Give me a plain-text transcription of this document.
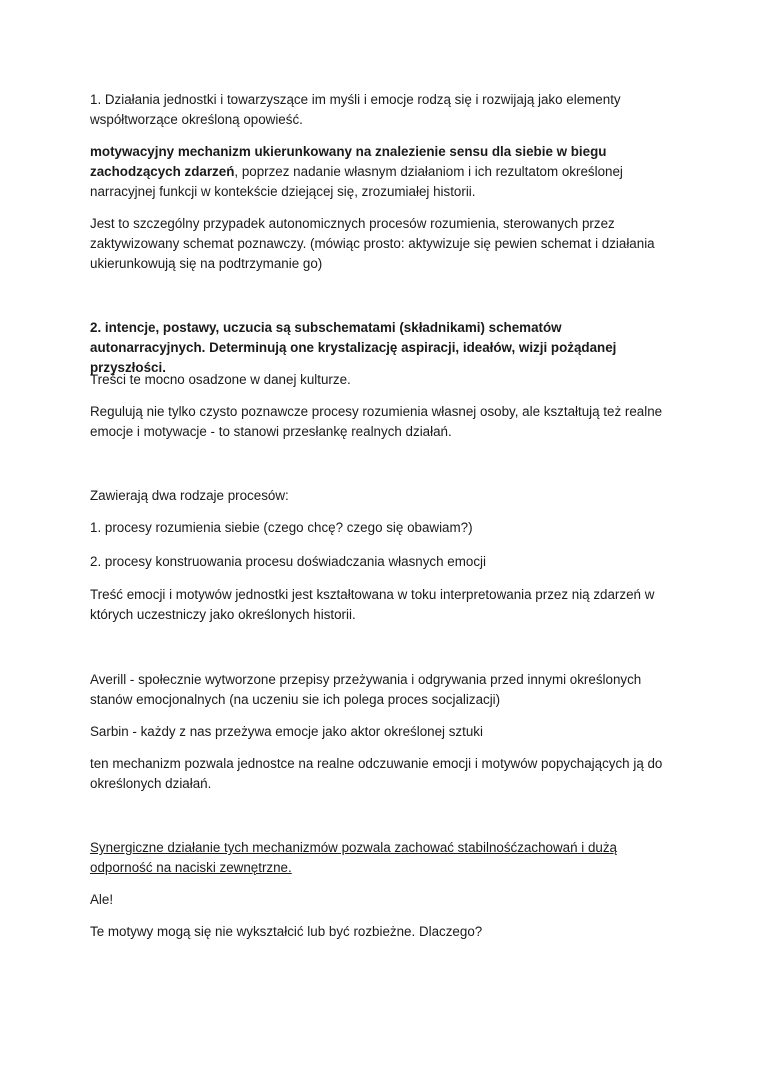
1. Działania jednostki i towarzyszące im myśli i emocje rodzą się i rozwijają jako elementy współtworzące określoną opowieść.

motywacyjny mechanizm ukierunkowany na znalezienie sensu dla siebie w biegu zachodzących zdarzeń, poprzez nadanie własnym działaniom i ich rezultatom określonej narracyjnej funkcji w kontekście dziejącej się, zrozumiałej historii.

Jest to szczególny przypadek autonomicznych procesów rozumienia, sterowanych przez zaktywizowany schemat poznawczy. (mówiąc prosto: aktywizuje się pewien schemat i działania ukierunkowują się na podtrzymanie go)

2. intencje, postawy, uczucia są subschematami (składnikami) schematów autonarracyjnych. Determinują one krystalizację aspiracji, ideałów, wizji pożądanej przyszłości.

Treści te mocno osadzone w danej kulturze.

Regulują nie tylko czysto poznawcze procesy rozumienia własnej osoby, ale kształtują też realne emocje i motywacje - to stanowi przesłankę realnych działań.

Zawierają dwa rodzaje procesów:

1. procesy rozumienia siebie (czego chcę? czego się obawiam?)

2. procesy konstruowania procesu doświadczania własnych emocji

Treść emocji i motywów jednostki jest kształtowana w toku interpretowania przez nią zdarzeń w których uczestniczy jako określonych historii.

Averill - społecznie wytworzone przepisy przeżywania i odgrywania przed innymi określonych stanów emocjonalnych (na uczeniu sie ich polega proces socjalizacji)

Sarbin - każdy z nas przeżywa emocje jako aktor określonej sztuki

ten mechanizm pozwala jednostce na realne odczuwanie emocji i motywów popychających ją do określonych działań.

Synergiczne działanie tych mechanizmów pozwala zachować stabilnośćzachowań i dużą odporność na naciski zewnętrzne.

Ale!

Te motywy mogą się nie wykształcić lub być rozbieżne. Dlaczego?
